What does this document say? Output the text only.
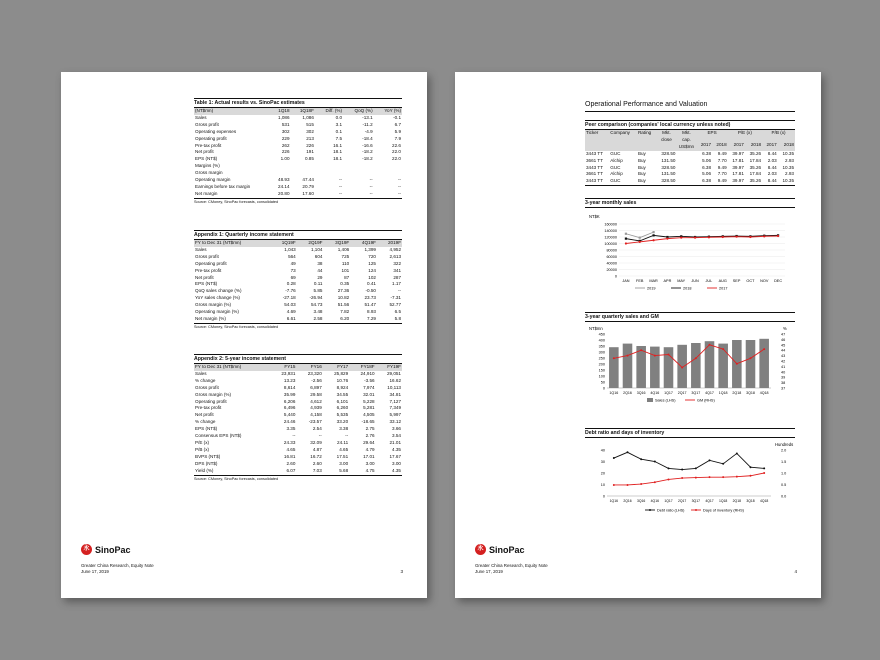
Table 1: Actual results vs. SinoPac estimates
(NT$mn)	1Q18	1Q18F	Diff. (%)	QoQ (%)	YoY (%)
Sales	1,086	1,086	0.0	-13.1	-0.1
Gross profit	531	515	3.1	-11.2	6.7
Operating expenses	302	302	0.1	-4.9	5.9
Operating profit	229	213	7.5	-18.4	7.9
Pre-tax profit	262	226	16.1	-16.6	22.6
Net profit	226	191	18.1	-18.2	22.0
EPS (NT$)	1.00	0.85	18.1	-18.2	22.0
Margins (%)					
Gross margin					
Operating margin	48.93	47.44	--	--	--
Earnings before tax margin	24.14	20.79	--	--	--
Net margin	20.80	17.60	--	--	--
Source: CMoney, SinoPac forecasts, consolidated
Appendix 1: Quarterly income statement
FY to Dec 31 (NT$mn)	1Q19F	2Q19F	3Q19F	4Q19F	2019F
Sales	1,043	1,104	1,406	1,399	4,952
Gross profit	564	604	725	720	2,613
Operating profit	49	38	110	125	322
Pre-tax profit	73	44	101	124	341
Net profit	69	29	87	102	287
EPS (NT$)	0.28	0.11	0.35	0.41	1.17
QoQ sales change (%)	-7.76	5.85	27.36	-0.50	--
YoY sales change (%)	-27.18	-26.94	10.82	23.73	-7.31
Gross margin (%)	54.03	54.73	51.56	51.47	52.77
Operating margin (%)	4.69	3.48	7.82	8.93	6.5
Net margin (%)	6.61	2.58	6.20	7.29	5.8
Source: CMoney, SinoPac forecasts, consolidated
Appendix 2: 5-year income statement
FY to Dec 31 (NT$mn)	FY15	FY16	FY17	FY18F	FY19F
Sales	23,931	23,320	25,829	24,910	29,051
% change	13.23	-2.56	10.76	-3.56	16.62
Gross profit	8,614	6,897	8,924	7,974	10,113
Gross margin (%)	35.99	29.58	34.55	32.01	34.81
Operating profit	6,206	4,612	6,101	5,228	7,127
Pre-tax profit	6,496	4,939	6,260	5,281	7,349
Net profit	5,440	4,158	5,535	4,505	5,997
% change	24.46	-23.57	33.20	-18.65	33.12
EPS (NT$)	3.35	2.54	3.38	2.75	3.66
Consensus EPS (NT$)	--	--	--	2.76	3.54
P/E (x)	24.33	32.09	24.11	29.64	21.01
P/B (x)	4.65	4.87	4.65	4.79	4.35
BVPS (NT$)	16.81	16.72	17.51	17.01	17.67
DPS (NT$)	2.60	2.60	3.00	3.00	3.00
Yield (%)	6.07	7.03	5.68	4.75	4.35
Source: CMoney, SinoPac forecasts, consolidated
永 SinoPac
Greater China Research, Equity Note
June 17, 2019	3
Operational Performance and Valuation
Peer comparison (companies' local currency unless noted)
Ticker	Company	Rating	Mkt. close	Mkt. cap. US$mn	EPS		P/E (x)		P/B (x)	
					2017	2018	2017	2018	2017	2018
3443 TT	GUC	Buy	328.50		6.38	9.49	39.97	35.26	8.44	10.35
3661 TT	Alchip	Buy	131.50		5.06	7.70	17.81	17.84	2.03	2.93
3443 TT	GUC	Buy	328.50		6.38	9.49	39.97	35.26	8.44	10.35
3661 TT	Alchip	Buy	131.50		5.06	7.70	17.81	17.84	2.03	2.93
3443 TT	GUC	Buy	328.50		6.38	9.49	39.97	35.26	8.44	10.35

3-year monthly sales
NT$K
160000
140000
120000
100000
80000
60000
40000
20000
0
JAN FEB MAR APR MAY JUN JUL AUG SEP OCT NOV DEC
2019	2018	2017
3-year quarterly sales and GM
NT$mn	%
450
400
350
300
250
200
150
100
50
0
47
46
45
44
43
42
41
40
39
38
37
1Q16 2Q16 3Q16 4Q16 1Q17 2Q17 3Q17 4Q17 1Q18 2Q18 3Q18 4Q18
Sales (LHS)	GM (RHS)
Debt ratio and days of inventory
Hundreds
40
30
20
10
0
2.0
1.5
1.0
0.5
0.0
1Q16 2Q16 3Q16 4Q16 1Q17 2Q17 3Q17 4Q17 1Q18 2Q18 3Q18 4Q18
Debt ratio (LHS)	Days of inventory (RHS)
永 SinoPac
Greater China Research, Equity Note
June 17, 2019	4
